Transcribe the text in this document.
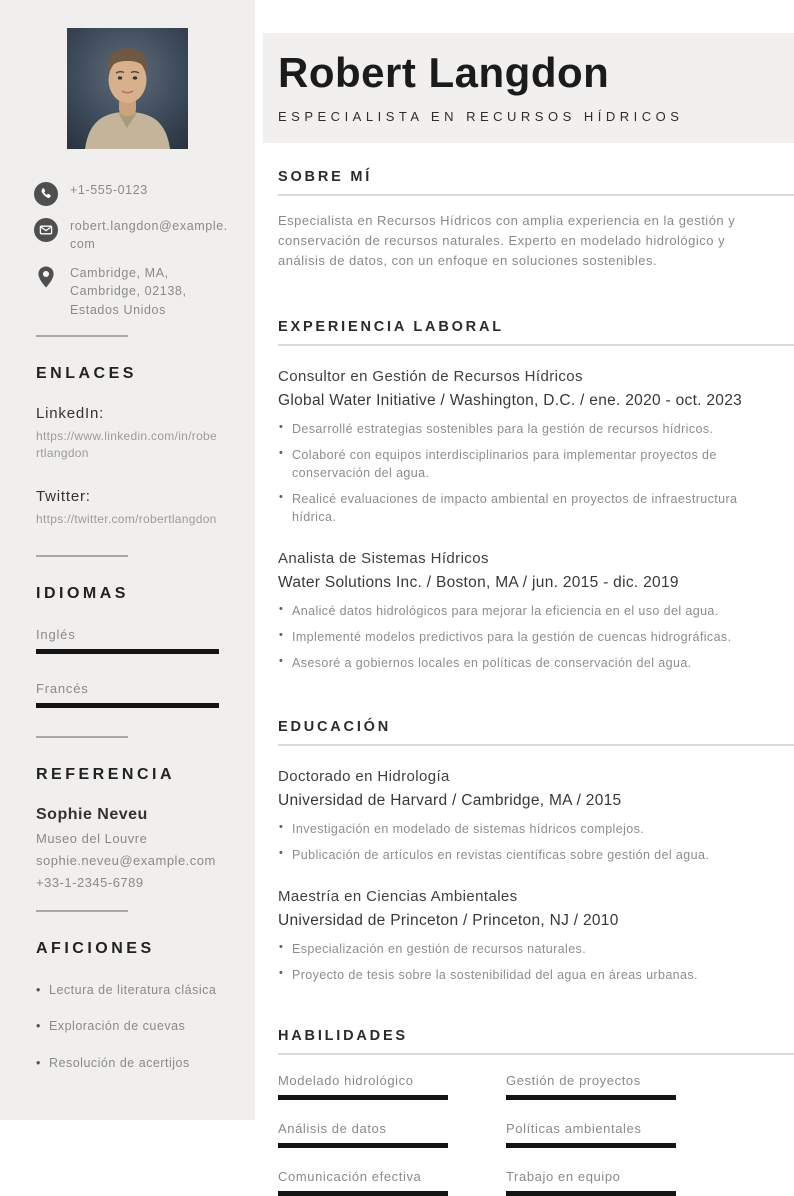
+1-555-0123
robert.langdon@example.com
Cambridge, MA,
Cambridge, 02138,
Estados Unidos
ENLACES
LinkedIn:
https://www.linkedin.com/in/robertlangdon
Twitter:
https://twitter.com/robertlangdon
IDIOMAS
Inglés
Francés
REFERENCIA
Sophie Neveu
Museo del Louvre
sophie.neveu@example.com
+33-1-2345-6789
AFICIONES
• Lectura de literatura clásica
• Exploración de cuevas
• Resolución de acertijos
Robert Langdon
ESPECIALISTA EN RECURSOS HÍDRICOS
SOBRE MÍ

Especialista en Recursos Hídricos con amplia experiencia en la gestión y conservación de recursos naturales. Experto en modelado hidrológico y análisis de datos, con un enfoque en soluciones sostenibles.

EXPERIENCIA LABORAL
Consultor en Gestión de Recursos Hídricos
Global Water Initiative / Washington, D.C. / ene. 2020 - oct. 2023
• Desarrollé estrategias sostenibles para la gestión de recursos hídricos.
• Colaboré con equipos interdisciplinarios para implementar proyectos de conservación del agua.
• Realicé evaluaciones de impacto ambiental en proyectos de infraestructura hídrica.
Analista de Sistemas Hídricos
Water Solutions Inc. / Boston, MA / jun. 2015 - dic. 2019
• Analicé datos hidrológicos para mejorar la eficiencia en el uso del agua.
• Implementé modelos predictivos para la gestión de cuencas hidrográficas.
• Asesoré a gobiernos locales en políticas de conservación del agua.
EDUCACIÓN
Doctorado en Hidrología
Universidad de Harvard / Cambridge, MA / 2015
• Investigación en modelado de sistemas hídricos complejos.
• Publicación de artículos en revistas científicas sobre gestión del agua.
Maestría en Ciencias Ambientales
Universidad de Princeton / Princeton, NJ / 2010
• Especialización en gestión de recursos naturales.
• Proyecto de tesis sobre la sostenibilidad del agua en áreas urbanas.
HABILIDADES
Modelado hidrológico	Gestión de proyectos
Análisis de datos	Políticas ambientales
Comunicación efectiva	Trabajo en equipo
